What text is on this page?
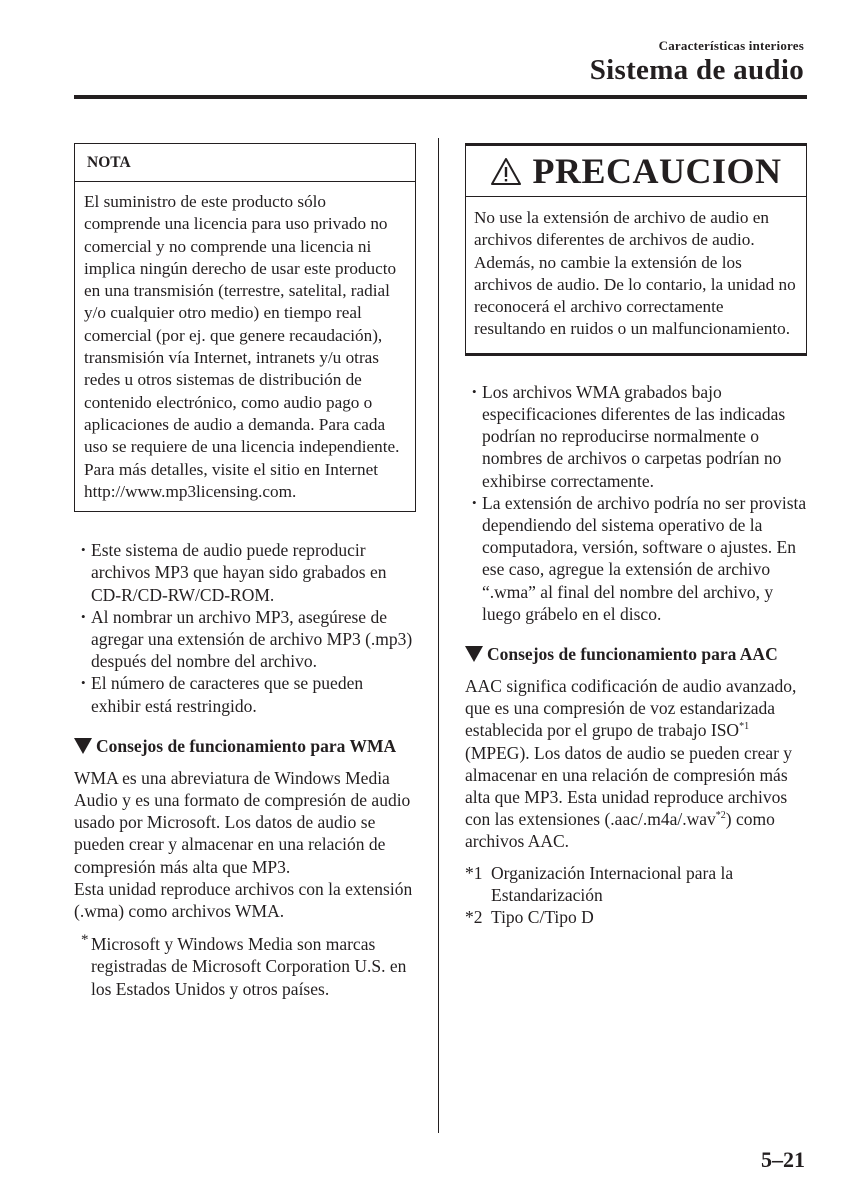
Características interiores
Sistema de audio
NOTA
El suministro de este producto sólo comprende una licencia para uso privado no comercial y no comprende una licencia ni implica ningún derecho de usar este producto en una transmisión (terrestre, satelital, radial y/o cualquier otro medio) en tiempo real comercial (por ej. que genere recaudación), transmisión vía Internet, intranets y/u otras redes u otros sistemas de distribución de contenido electrónico, como audio pago o aplicaciones de audio a demanda. Para cada uso se requiere de una licencia independiente. Para más detalles, visite el sitio en Internet http://www.mp3licensing.com.
• Este sistema de audio puede reproducir archivos MP3 que hayan sido grabados en CD-R/CD-RW/CD-ROM.
• Al nombrar un archivo MP3, asegúrese de agregar una extensión de archivo MP3 (.mp3) después del nombre del archivo.
• El número de caracteres que se pueden exhibir está restringido.
Consejos de funcionamiento para WMA

WMA es una abreviatura de Windows Media Audio y es una formato de compresión de audio usado por Microsoft. Los datos de audio se pueden crear y almacenar en una relación de compresión más alta que MP3.

Esta unidad reproduce archivos con la extensión (.wma) como archivos WMA.

* Microsoft y Windows Media son marcas registradas de Microsoft Corporation U.S. en los Estados Unidos y otros países.
PRECAUCION
No use la extensión de archivo de audio en archivos diferentes de archivos de audio. Además, no cambie la extensión de los archivos de audio. De lo contario, la unidad no reconocerá el archivo correctamente resultando en ruidos o un malfuncionamiento.
• Los archivos WMA grabados bajo especificaciones diferentes de las indicadas podrían no reproducirse normalmente o nombres de archivos o carpetas podrían no exhibirse correctamente.
• La extensión de archivo podría no ser provista dependiendo del sistema operativo de la computadora, versión, software o ajustes. En ese caso, agregue la extensión de archivo “.wma” al final del nombre del archivo, y luego grábelo en el disco.
Consejos de funcionamiento para AAC

AAC significa codificación de audio avanzado, que es una compresión de voz estandarizada establecida por el grupo de trabajo ISO$^{*1}$ (MPEG). Los datos de audio se pueden crear y almacenar en una relación de compresión más alta que MP3. Esta unidad reproduce archivos con las extensiones (.aac/.m4a/.wav$^{*2}$) como archivos AAC.

*1 Organización Internacional para la Estandarización
*2 Tipo C/Tipo D
5–21
